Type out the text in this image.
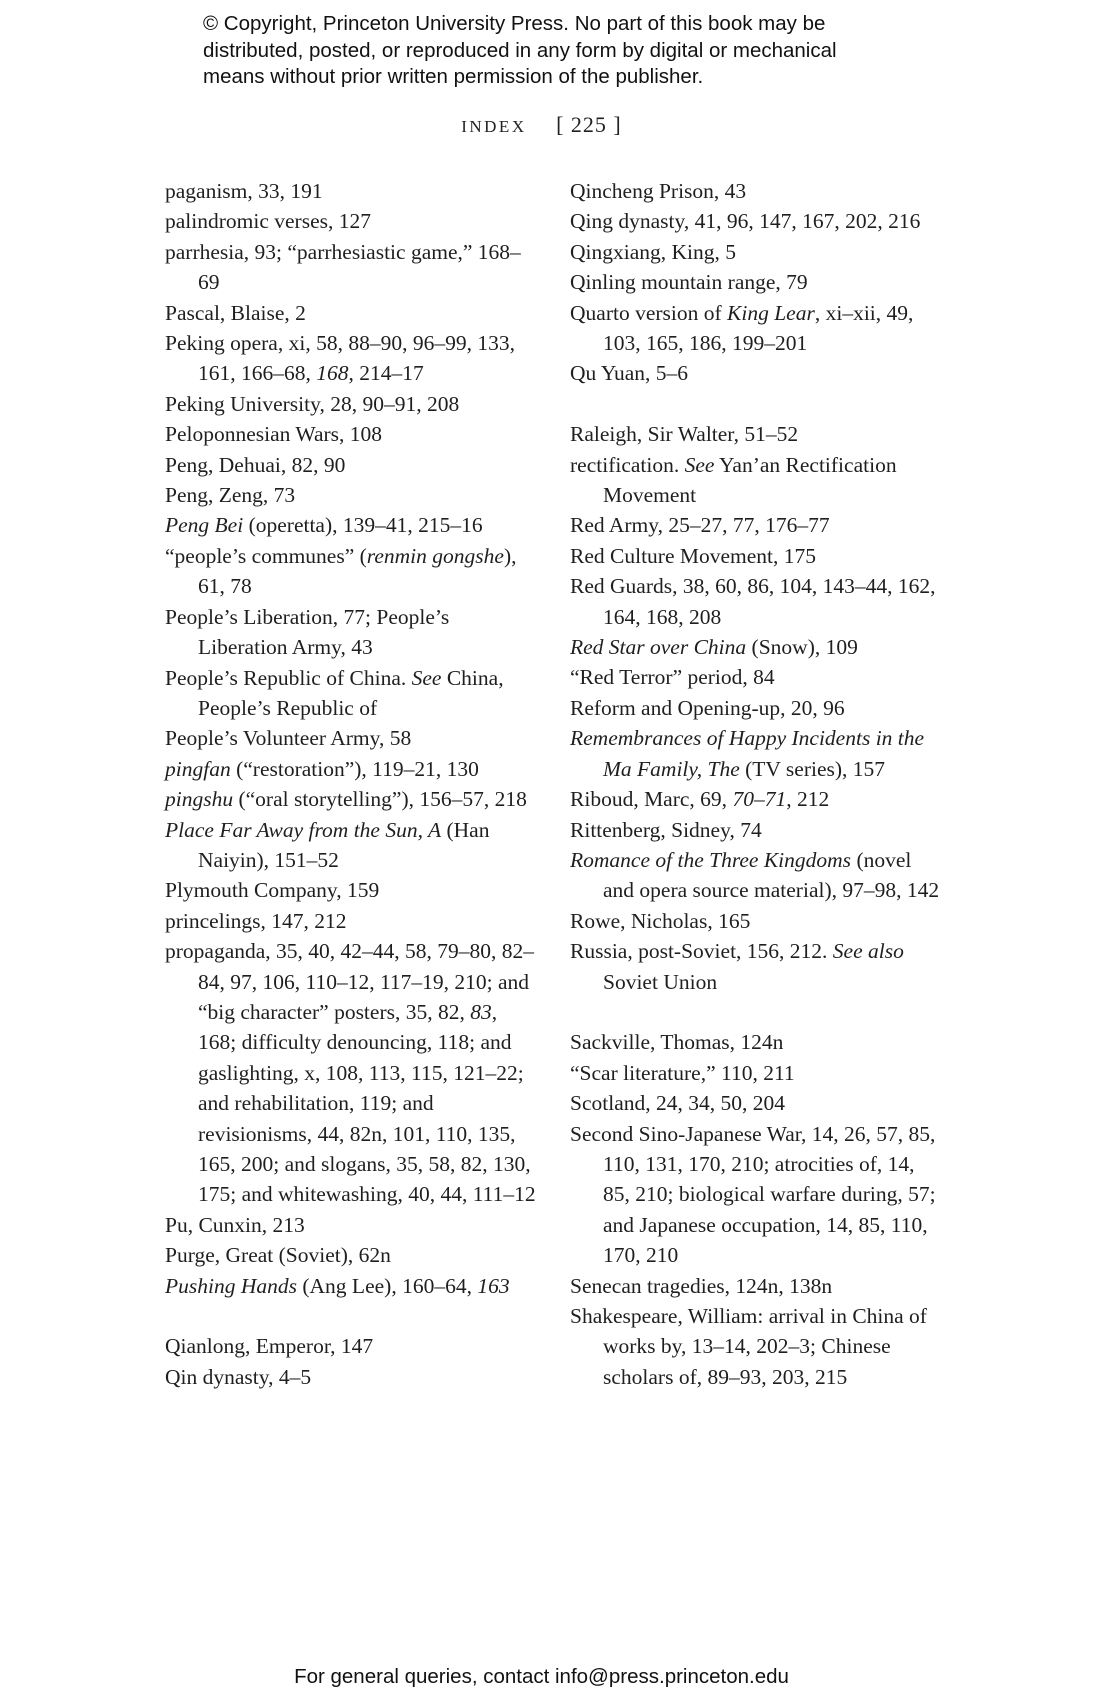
© Copyright, Princeton University Press. No part of this book may be
distributed, posted, or reproduced in any form by digital or mechanical
means without prior written permission of the publisher.
index [ 225 ]
paganism, 33, 191
palindromic verses, 127
parrhesia, 93; “parrhesiastic game,” 168–69
Pascal, Blaise, 2
Peking opera, xi, 58, 88–90, 96–99, 133, 161, 166–68, 168, 214–17
Peking University, 28, 90–91, 208
Peloponnesian Wars, 108
Peng, Dehuai, 82, 90
Peng, Zeng, 73
Peng Bei (operetta), 139–41, 215–16
“people’s communes” (renmin gongshe), 61, 78
People’s Liberation, 77; People’s Liberation Army, 43
People’s Republic of China. See China, People’s Republic of
People’s Volunteer Army, 58
pingfan (“restoration”), 119–21, 130
pingshu (“oral storytelling”), 156–57, 218
Place Far Away from the Sun, A (Han Naiyin), 151–52
Plymouth Company, 159
princelings, 147, 212
propaganda, 35, 40, 42–44, 58, 79–80, 82–84, 97, 106, 110–12, 117–19, 210; and “big character” posters, 35, 82, 83, 168; difficulty denouncing, 118; and gaslighting, x, 108, 113, 115, 121–22; and rehabilitation, 119; and revisionisms, 44, 82n, 101, 110, 135, 165, 200; and slogans, 35, 58, 82, 130, 175; and whitewashing, 40, 44, 111–12
Pu, Cunxin, 213
Purge, Great (Soviet), 62n
Pushing Hands (Ang Lee), 160–64, 163
Qianlong, Emperor, 147
Qin dynasty, 4–5
Qincheng Prison, 43
Qing dynasty, 41, 96, 147, 167, 202, 216
Qingxiang, King, 5
Qinling mountain range, 79
Quarto version of King Lear, xi–xii, 49, 103, 165, 186, 199–201
Qu Yuan, 5–6
Raleigh, Sir Walter, 51–52
rectification. See Yan’an Rectification Movement
Red Army, 25–27, 77, 176–77
Red Culture Movement, 175
Red Guards, 38, 60, 86, 104, 143–44, 162, 164, 168, 208
Red Star over China (Snow), 109
“Red Terror” period, 84
Reform and Opening-up, 20, 96
Remembrances of Happy Incidents in the Ma Family, The (TV series), 157
Riboud, Marc, 69, 70–71, 212
Rittenberg, Sidney, 74
Romance of the Three Kingdoms (novel and opera source material), 97–98, 142
Rowe, Nicholas, 165
Russia, post-Soviet, 156, 212. See also Soviet Union
Sackville, Thomas, 124n
“Scar literature,” 110, 211
Scotland, 24, 34, 50, 204
Second Sino-Japanese War, 14, 26, 57, 85, 110, 131, 170, 210; atrocities of, 14, 85, 210; biological warfare during, 57; and Japanese occupation, 14, 85, 110, 170, 210
Senecan tragedies, 124n, 138n
Shakespeare, William: arrival in China of works by, 13–14, 202–3; Chinese scholars of, 89–93, 203, 215
For general queries, contact info@press.princeton.edu
